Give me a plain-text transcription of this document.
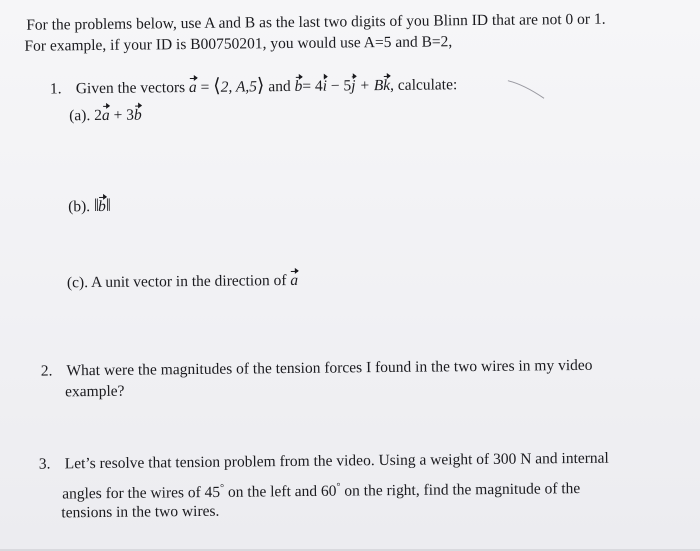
For the problems below, use A and B as the last two digits of you Blinn ID that are not 0 or 1.
For example, if your ID is B00750201, you would use A=5 and B=2,
1. Given the vectors a = ⟨2, A,5⟩ and b= 4i − 5j + Bk, calculate:
(a). 2a + 3b
(b). ‖b‖
(c). A unit vector in the direction of a
2. What were the magnitudes of the tension forces I found in the two wires in my video
example?
3. Let’s resolve that tension problem from the video. Using a weight of 300 N and internal
angles for the wires of 45° on the left and 60° on the right, find the magnitude of the
tensions in the two wires.
